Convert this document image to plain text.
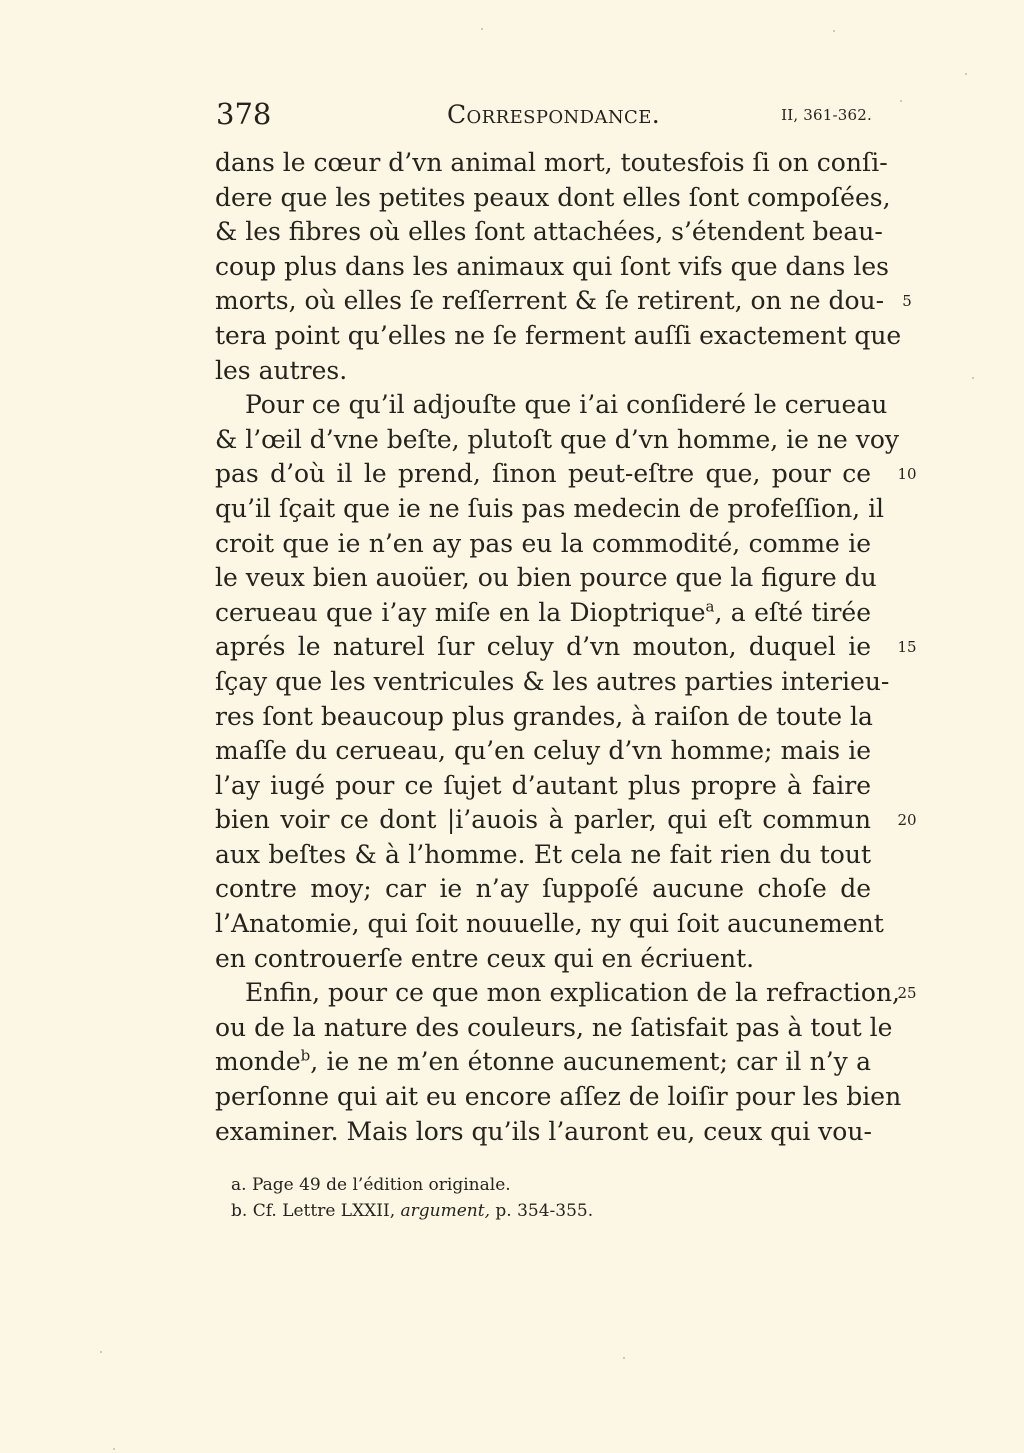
378	Correspondance.	II, 361-362.
dans le cœur d’vn animal mort, toutesfois ſi on conſi-
dere que les petites peaux dont elles ſont compoſées,
& les fibres où elles ſont attachées, s’étendent beau-
coup plus dans les animaux qui ſont vifs que dans les
morts, où elles ſe reſſerrent & ſe retirent, on ne dou-	5
tera point qu’elles ne ſe ferment auſſi exactement que
les autres.
Pour ce qu’il adjouſte que i’ai conſideré le cerueau
& l’œil d’vne beſte, plutoſt que d’vn homme, ie ne voy
pas d’où il le prend, ſinon peut-eſtre que, pour ce	10
qu’il ſçait que ie ne ſuis pas medecin de profeſſion, il
croit que ie n’en ay pas eu la commodité, comme ie
le veux bien auoüer, ou bien pource que la figure du
cerueau que i’ay miſe en la Dioptrique$^a$, a eſté tirée
aprés le naturel ſur celuy d’vn mouton, duquel ie	15
ſçay que les ventricules & les autres parties interieu-
res ſont beaucoup plus grandes, à raiſon de toute la
maſſe du cerueau, qu’en celuy d’vn homme; mais ie
l’ay iugé pour ce ſujet d’autant plus propre à faire
bien voir ce dont |i’auois à parler, qui eſt commun	20
aux beſtes & à l’homme. Et cela ne fait rien du tout
contre moy; car ie n’ay ſuppoſé aucune choſe de
l’Anatomie, qui ſoit nouuelle, ny qui ſoit aucunement
en controuerſe entre ceux qui en écriuent.
Enfin, pour ce que mon explication de la refraction,
25
ou de la nature des couleurs, ne ſatisfait pas à tout le
monde$^b$, ie ne m’en étonne aucunement; car il n’y a
perſonne qui ait eu encore aſſez de loiſir pour les bien
examiner. Mais lors qu’ils l’auront eu, ceux qui vou-
a. Page 49 de l’édition originale.
b. Cf. Lettre LXXII, argument, p. 354-355.
